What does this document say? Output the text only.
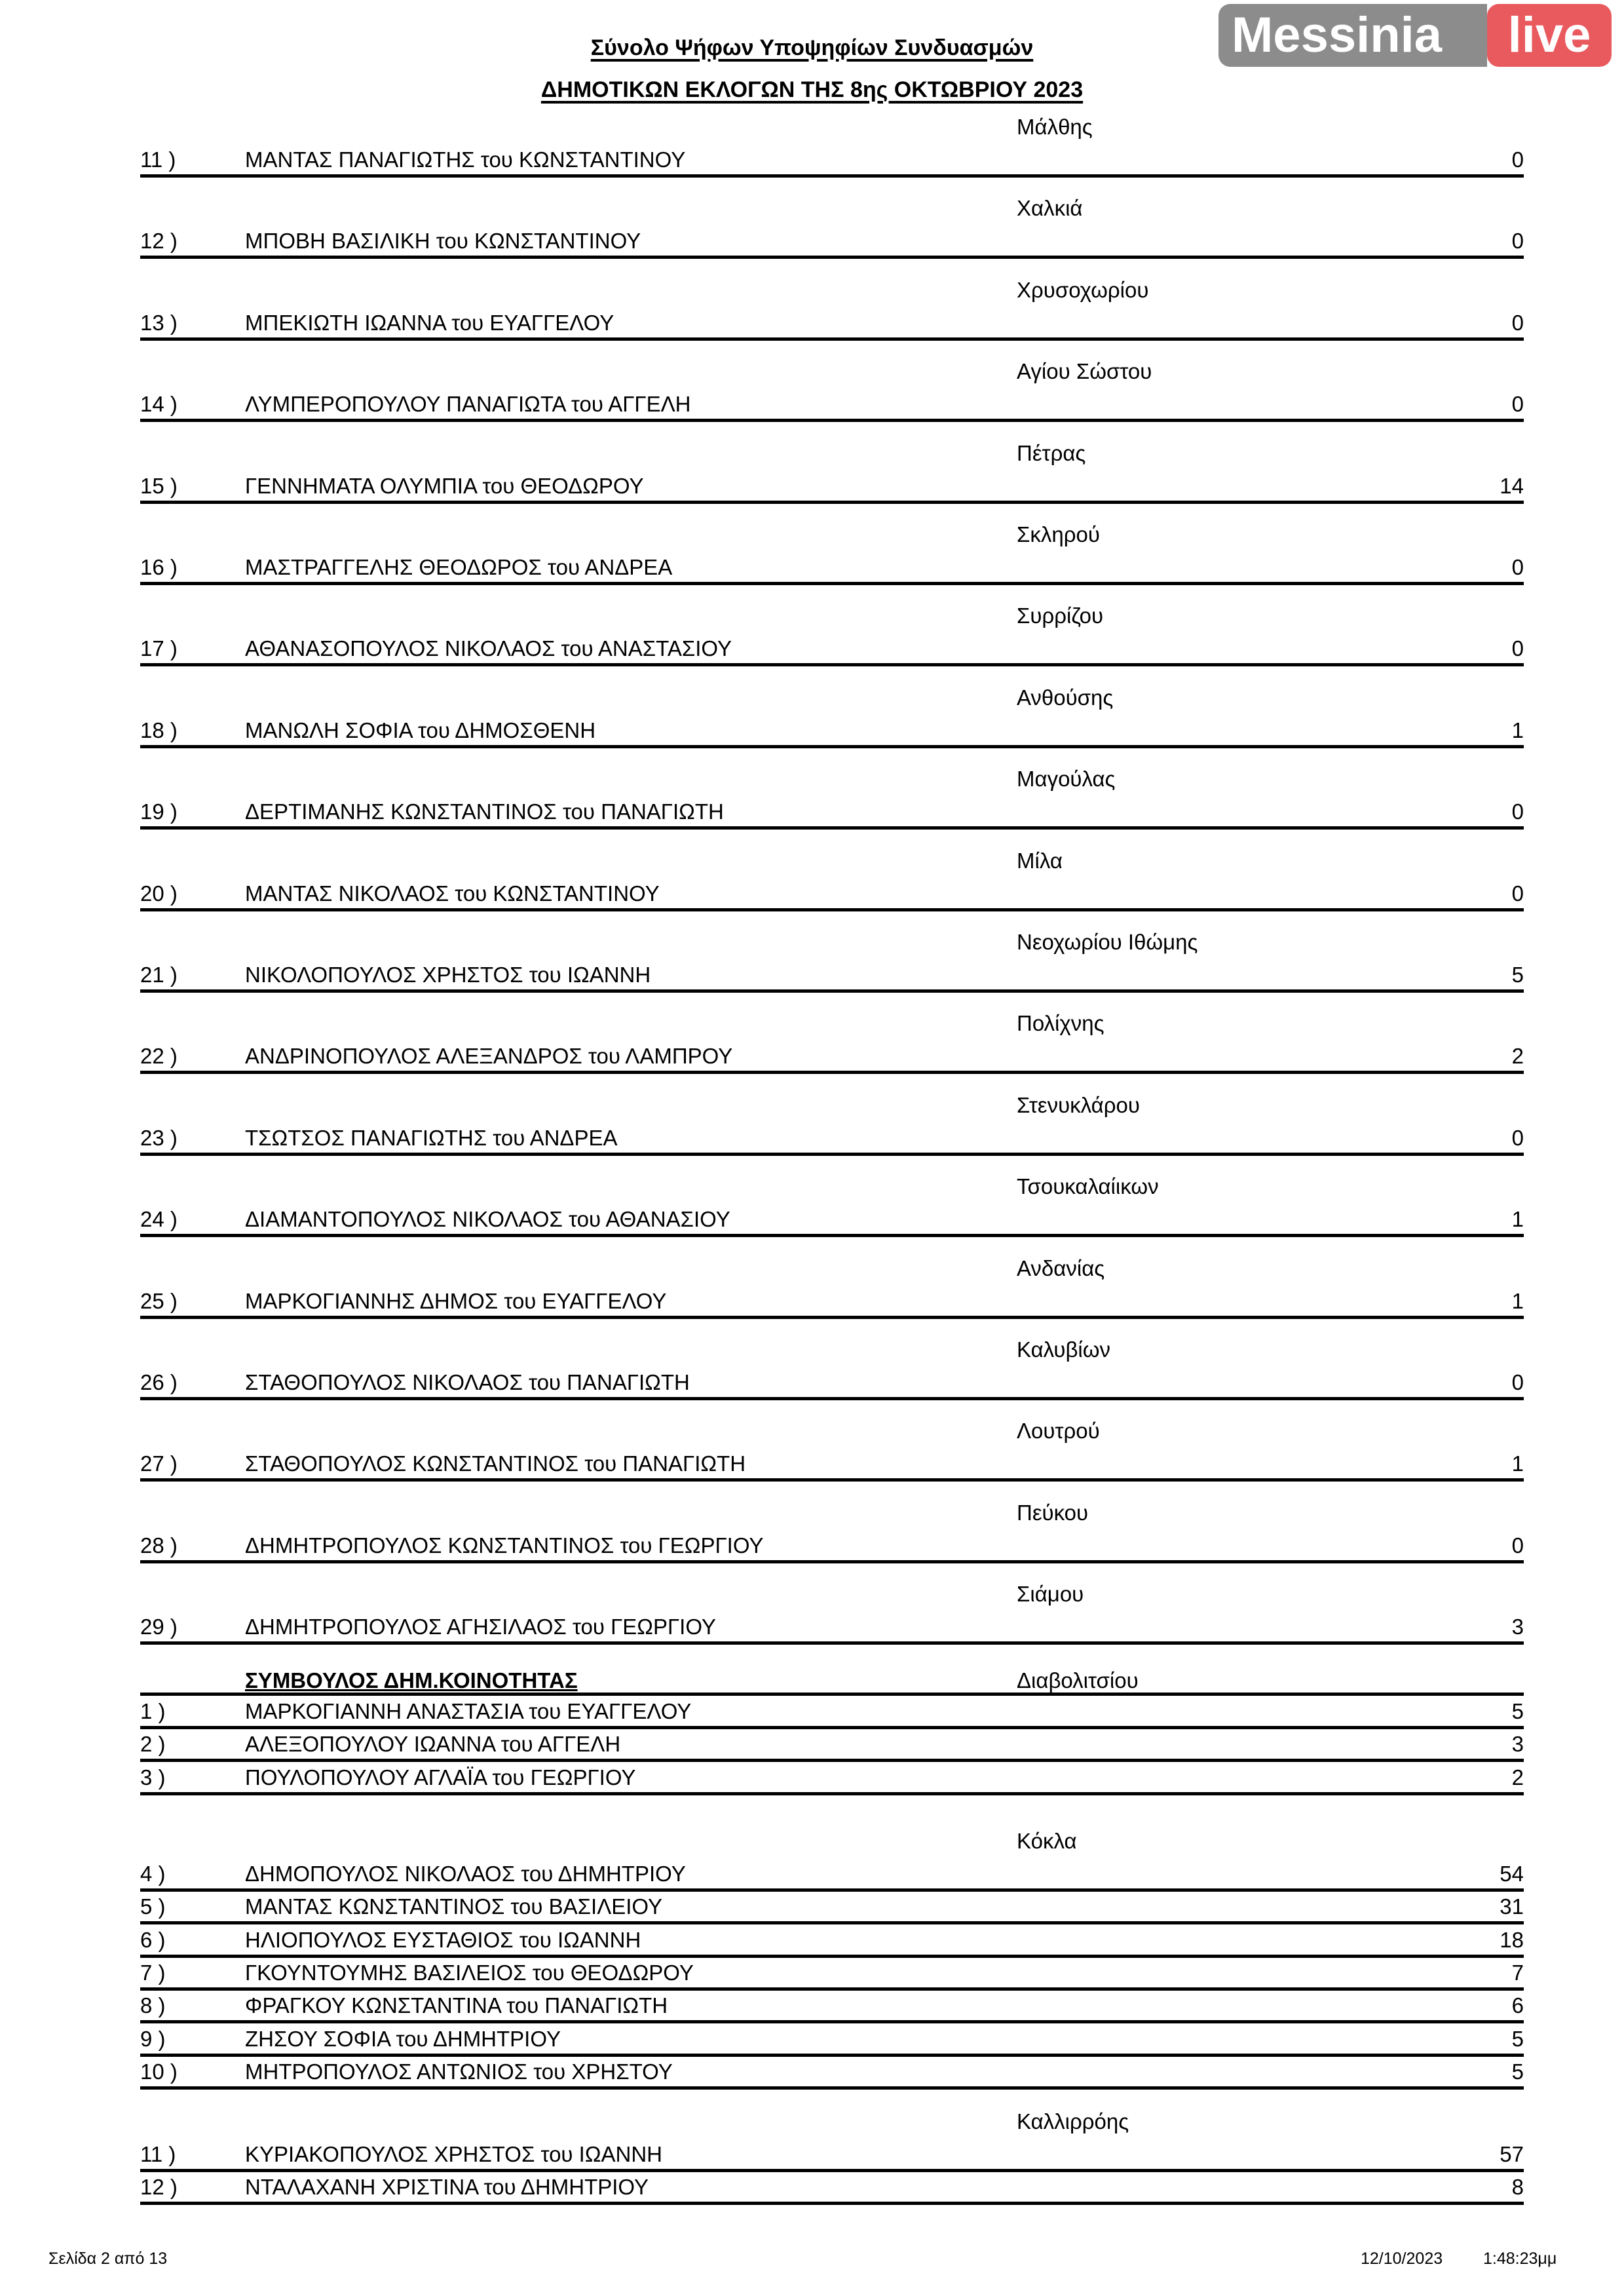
Σύνολο Ψήφων Υποψηφίων Συνδυασμών
ΔΗΜΟΤΙΚΩΝ ΕΚΛΟΓΩΝ ΤΗΣ 8ης ΟΚΤΩΒΡΙΟΥ 2023
Μάλθης
11 )	ΜΑΝΤΑΣ ΠΑΝΑΓΙΩΤΗΣ του ΚΩΝΣΤΑΝΤΙΝΟΥ	0
Χαλκιά
12 )	ΜΠΟΒΗ ΒΑΣΙΛΙΚΗ του ΚΩΝΣΤΑΝΤΙΝΟΥ	0
Χρυσοχωρίου
13 )	ΜΠΕΚΙΩΤΗ ΙΩΑΝΝΑ του ΕΥΑΓΓΕΛΟΥ	0
Αγίου Σώστου
14 )	ΛΥΜΠΕΡΟΠΟΥΛΟΥ ΠΑΝΑΓΙΩΤΑ του ΑΓΓΕΛΗ	0
Πέτρας
15 )	ΓΕΝΝΗΜΑΤΑ ΟΛΥΜΠΙΑ του ΘΕΟΔΩΡΟΥ	14
Σκληρού
16 )	ΜΑΣΤΡΑΓΓΕΛΗΣ ΘΕΟΔΩΡΟΣ του ΑΝΔΡΕΑ	0
Συρρίζου
17 )	ΑΘΑΝΑΣΟΠΟΥΛΟΣ ΝΙΚΟΛΑΟΣ του ΑΝΑΣΤΑΣΙΟΥ	0
Ανθούσης
18 )	ΜΑΝΩΛΗ ΣΟΦΙΑ του ΔΗΜΟΣΘΕΝΗ	1
Μαγούλας
19 )	ΔΕΡΤΙΜΑΝΗΣ ΚΩΝΣΤΑΝΤΙΝΟΣ του ΠΑΝΑΓΙΩΤΗ	0
Μίλα
20 )	ΜΑΝΤΑΣ ΝΙΚΟΛΑΟΣ του ΚΩΝΣΤΑΝΤΙΝΟΥ	0
Νεοχωρίου Ιθώμης
21 )	ΝΙΚΟΛΟΠΟΥΛΟΣ ΧΡΗΣΤΟΣ του ΙΩΑΝΝΗ	5
Πολίχνης
22 )	ΑΝΔΡΙΝΟΠΟΥΛΟΣ ΑΛΕΞΑΝΔΡΟΣ του ΛΑΜΠΡΟΥ	2
Στενυκλάρου
23 )	ΤΣΩΤΣΟΣ ΠΑΝΑΓΙΩΤΗΣ του ΑΝΔΡΕΑ	0
Τσουκαλαίικων
24 )	ΔΙΑΜΑΝΤΟΠΟΥΛΟΣ ΝΙΚΟΛΑΟΣ του ΑΘΑΝΑΣΙΟΥ	1
Ανδανίας
25 )	ΜΑΡΚΟΓΙΑΝΝΗΣ ΔΗΜΟΣ του ΕΥΑΓΓΕΛΟΥ	1
Καλυβίων
26 )	ΣΤΑΘΟΠΟΥΛΟΣ ΝΙΚΟΛΑΟΣ του ΠΑΝΑΓΙΩΤΗ	0
Λουτρού
27 )	ΣΤΑΘΟΠΟΥΛΟΣ ΚΩΝΣΤΑΝΤΙΝΟΣ του ΠΑΝΑΓΙΩΤΗ	1
Πεύκου
28 )	ΔΗΜΗΤΡΟΠΟΥΛΟΣ ΚΩΝΣΤΑΝΤΙΝΟΣ του ΓΕΩΡΓΙΟΥ	0
Σιάμου
29 )	ΔΗΜΗΤΡΟΠΟΥΛΟΣ ΑΓΗΣΙΛΑΟΣ του ΓΕΩΡΓΙΟΥ	3
ΣΥΜΒΟΥΛΟΣ ΔΗΜ.ΚΟΙΝΟΤΗΤΑΣ	Διαβολιτσίου
1 )	ΜΑΡΚΟΓΙΑΝΝΗ ΑΝΑΣΤΑΣΙΑ του ΕΥΑΓΓΕΛΟΥ	5
2 )	ΑΛΕΞΟΠΟΥΛΟΥ ΙΩΑΝΝΑ του ΑΓΓΕΛΗ	3
3 )	ΠΟΥΛΟΠΟΥΛΟΥ ΑΓΛΑΪΑ του ΓΕΩΡΓΙΟΥ	2
Κόκλα
4 )	ΔΗΜΟΠΟΥΛΟΣ ΝΙΚΟΛΑΟΣ του ΔΗΜΗΤΡΙΟΥ	54
5 )	ΜΑΝΤΑΣ ΚΩΝΣΤΑΝΤΙΝΟΣ του ΒΑΣΙΛΕΙΟΥ	31
6 )	ΗΛΙΟΠΟΥΛΟΣ ΕΥΣΤΑΘΙΟΣ του ΙΩΑΝΝΗ	18
7 )	ΓΚΟΥΝΤΟΥΜΗΣ ΒΑΣΙΛΕΙΟΣ του ΘΕΟΔΩΡΟΥ	7
8 )	ΦΡΑΓΚΟΥ ΚΩΝΣΤΑΝΤΙΝΑ του ΠΑΝΑΓΙΩΤΗ	6
9 )	ΖΗΣΟΥ ΣΟΦΙΑ του ΔΗΜΗΤΡΙΟΥ	5
10 )	ΜΗΤΡΟΠΟΥΛΟΣ ΑΝΤΩΝΙΟΣ του ΧΡΗΣΤΟΥ	5
Καλλιρρόης
11 )	ΚΥΡΙΑΚΟΠΟΥΛΟΣ ΧΡΗΣΤΟΣ του ΙΩΑΝΝΗ	57
12 )	ΝΤΑΛΑΧΑΝΗ ΧΡΙΣΤΙΝΑ του ΔΗΜΗΤΡΙΟΥ	8
Messinia	live
Σελίδα 2 από 13	12/10/2023 1:48:23μμ
